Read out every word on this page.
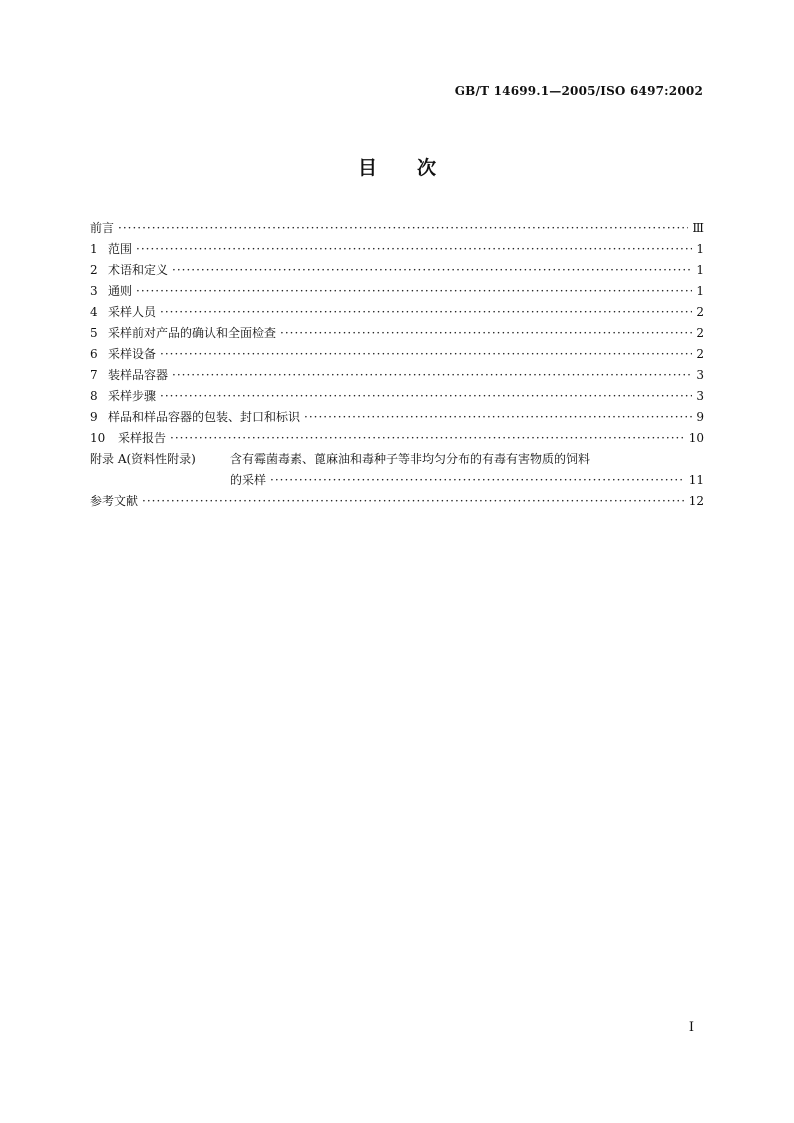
GB/T 14699.1—2005/ISO 6497:2002
目 次
前言 ·····	Ⅲ
1 范围 ·····	1
2 术语和定义 ·····	1
3 通则 ·····	1
4 采样人员 ·····	2
5 采样前对产品的确认和全面检查 ·····	2
6 采样设备 ·····	2
7 装样品容器 ·····	3
8 采样步骤 ·····	3
9 样品和样品容器的包装、封口和标识 ·····	9
10 采样报告 ·····	10
附录 A(资料性附录)	含有霉菌毒素、蓖麻油和毒种子等非均匀分布的有毒有害物质的饲料
的采样 ·····	11
参考文献 ·····	12
I
